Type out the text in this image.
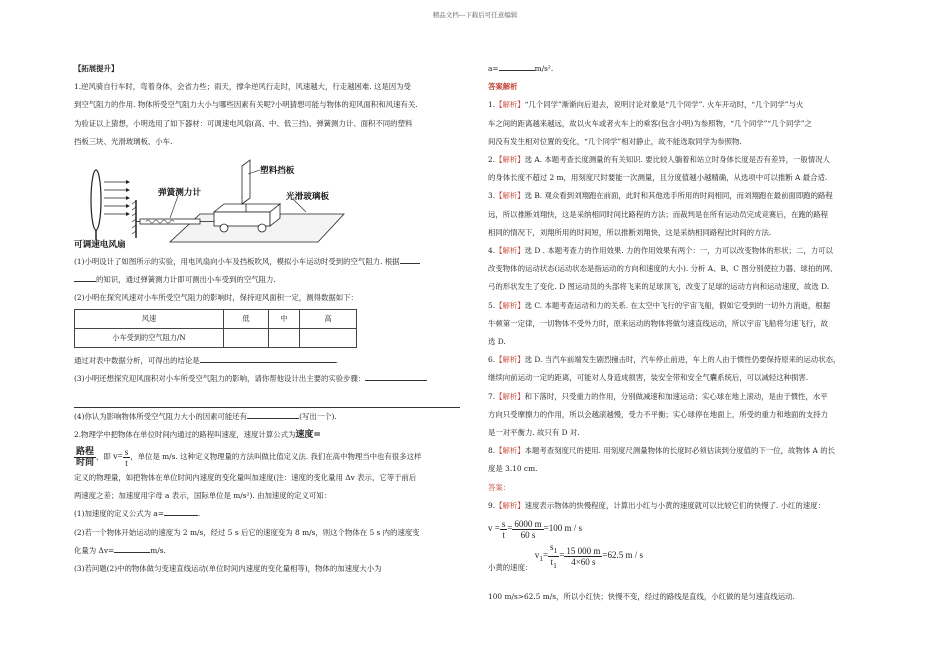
精品文档---下载后可任意编辑

【拓展提升】

1.逆风骑自行车时，弯着身体，会省力些；雨天，撑伞逆风行走时，风速越大，行走越困难. 这是因为受

到空气阻力的作用. 物体所受空气阻力大小与哪些因素有关呢?小明猜想可能与物体的迎风面积和风速有关.

为验证以上猜想，小明选用了如下器材：可调速电风扇(高、中、低三挡)、弹簧测力计、面积不同的塑料

挡板三块、光滑玻璃板、小车.

弹簧测力计
塑料挡板
光滑玻璃板
可调速电风扇

(1)小明设计了如图所示的实验，用电风扇向小车及挡板吹风，模拟小车运动时受到的空气阻力. 根据

的知识，通过弹簧测力计即可测出小车受到的空气阻力.

(2)小明在探究风速对小车所受空气阻力的影响时，保持迎风面积一定，测得数据如下：

风速	低	中	高
小车受到的空气阻力/N			

通过对表中数据分析，可得出的结论是	.

(3)小明还想探究迎风面积对小车所受空气阻力的影响，请你帮他设计出主要的实验步骤：

(4)你认为影响物体所受空气阻力大小的因素可能还有	(写出一个).

2.物理学中把物体在单位时间内通过的路程叫速度，速度计算公式为速度=

$\frac{\text{路程}}{\text{时间}}$ ，即 $v= \frac{s}{t}$ ，单位是 m/s. 这种定义物理量的方法叫做比值定义法. 我们在高中物理当中也有很多这样

定义的物理量，如把物体在单位时间内速度的变化量叫加速度(注：速度的变化量用 Δv 表示，它等于前后

两速度之差；加速度用字母 a 表示，国际单位是 m/s²). 由加速度的定义可知：

(1)加速度的定义公式为 a=	.

(2)若一个物体开始运动的速度为 2 m/s，经过 5 s 后它的速度变为 8 m/s，则这个物体在 5 s 内的速度变

化量为 Δv=	m/s.

(3)若问题(2)中的物体做匀变速直线运动(单位时间内速度的变化量相等)，物体的加速度大小为

a=	m/s².

答案解析

1.【解析】“几个同学”渐渐向后退去，说明讨论对象是“几个同学”. 火车开动时，“几个同学”与火

车之间的距离越来越远，故以火车或者火车上的乘客(包含小明)为参照物，“几个同学”“几个同学”之

间没有发生相对位置的变化，“几个同学”相对静止，故不能选取同学为参照物.

2.【解析】选 A. 本题考查长度测量的有关知识. 要比较人躺着和站立时身体长度是否有差异，一般情况人

的身体长度不超过 2 m，用刻度尺时要能一次测量，且分度值越小越精确，从选项中可以推断 A 最合适.

3.【解析】选 B. 观众看到刘翔跑在前面，此时和其他选手所用的时间相同，而刘翔跑在最前面即跑的路程

远，所以推断刘翔快，这是采纳相同时间比路程的方法；而裁判是在所有运动员完成竞赛后，在跑的路程

相同的情况下，刘翔所用的时间短，所以推断刘翔快，这是采纳相同路程比时间的方法.

4.【解析】选 D . 本题考查力的作用效果. 力的作用效果有两个：一，力可以改变物体的形状；二，力可以

改变物体的运动状态(运动状态是指运动的方向和速度的大小). 分析 A、B、C 图分别使拉力器、球拍的网、

弓的形状发生了变化. D 图运动员的头部将飞来的足球顶飞，改变了足球的运动方向和运动速度，故选 D.

5.【解析】选 C. 本题考查运动和力的关系. 在太空中飞行的宇宙飞船，假如它受到的一切外力消逝，根据

牛顿第一定律，一切物体不受外力时，原来运动的物体将做匀速直线运动，所以宇宙飞船将匀速飞行，故

选 D.

6.【解析】选 D. 当汽车前端发生剧烈撞击时，汽车停止前进，车上的人由于惯性仍要保持原来的运动状态，

继续向前运动一定的距离，可能对人身造成损害，装安全带和安全气囊系统后，可以减轻这种损害.

7.【解析】和下落时，只受重力的作用，分别做减速和加速运动；实心球在地上滚动，是由于惯性，水平

方向只受摩擦力的作用，所以会越滚越慢，受力不平衡；实心球停在地面上，所受的重力和地面的支持力

是一对平衡力. 故只有 D 对.

8.【解析】本题考查刻度尺的使用. 用刻度尺测量物体的长度时必须估读到分度值的下一位，故物体 A 的长

度是 3.10 cm.

答案：

9.【解析】速度表示物体的快慢程度，计算出小红与小黄的速度就可以比较它们的快慢了. 小红的速度：

$v = \frac{s}{t} = \frac{6000 m}{60 s} =100$ m / s

小黄的速度： $v_1= \frac{s_1}{t_1} = \frac{15 000 m}{4\times 60 s} =62.5$ m / s

100 m/s>62.5 m/s，所以小红快；快慢不变，经过的路线是直线，小红做的是匀速直线运动.
